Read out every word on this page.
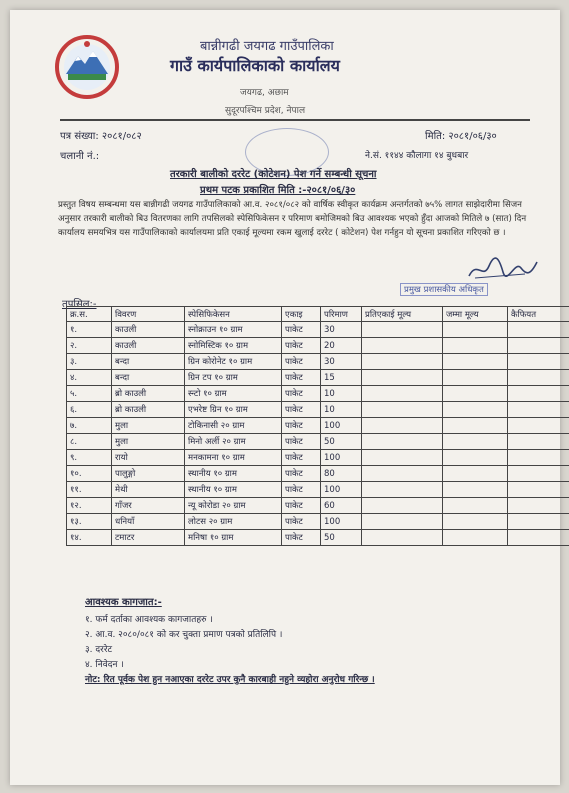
बान्नीगढी जयगढ गाउँपालिका
गाउँ कार्यपालिकाको कार्यालय
जयगढ, अछाम
सुदूरपश्चिम प्रदेश, नेपाल
पत्र संख्या: २०८१/०८२	मिति: २०८१/०६/३०
चलानी नं.:	ने.सं. ११४४ कौलागा १४ बुधबार
तरकारी बालीको दररेट (कोटेशन) पेश गर्ने सम्बन्धी सूचना
प्रथम पटक प्रकाशित मिति :-२०८१/०६/३०
प्रस्तुत विषय सम्बन्धमा यस बान्नीगढी जयगढ गाउँपालिकाको आ.व. २०८१/०८२ को वार्षिक स्वीकृत कार्यक्रम अन्तर्गतको ७५% लागत साझेदारीमा सिजन अनुसार तरकारी बालीको बिउ वितरणका लागि तपसिलको स्पेसिफिकेसन र परिमाण बमोजिमको बिउ आवश्यक भएको हुँदा आजको मितिले ७ (सात) दिन कार्यालय समयभित्र यस गाउँपालिकाको कार्यालयमा प्रति एकाई मूल्यमा रकम खुलाई दररेट ( कोटेशन) पेश गर्नहुन यो सूचना प्रकाशित गरिएको छ ।
प्रमुख प्रशासकीय अधिकृत
तपसिल:-
क्र.स.	विवरण	स्पेसिफिकेसन	एकाइ	परिमाण	प्रतिएकाई मूल्य	जम्मा मूल्य	कैफियत
१.	काउली	स्नोक्राउन १० ग्राम	पाकेट	30			
२.	काउली	स्नोमिस्टिक १० ग्राम	पाकेट	20			
३.	बन्दा	ग्रिन कोरोनेट १० ग्राम	पाकेट	30			
४.	बन्दा	ग्रिन टप १० ग्राम	पाकेट	15			
५.	ब्रो काउली	स्न्टो १० ग्राम	पाकेट	10			
६.	ब्रो काउली	एभरेष्ट ग्रिन १० ग्राम	पाकेट	10			
७.	मुला	टोकिनासी २० ग्राम	पाकेट	100			
८.	मुला	मिनो अर्ली २० ग्राम	पाकेट	50			
९.	रायो	मनकामना १० ग्राम	पाकेट	100			
१०.	पालुङ्गो	स्थानीय १० ग्राम	पाकेट	80			
११.	मेथी	स्थानीय १० ग्राम	पाकेट	100			
१२.	गाँजर	न्यू कोरोडा २० ग्राम	पाकेट	60			
१३.	धनियाँ	लोटस २० ग्राम	पाकेट	100			
१४.	टमाटर	मनिषा १० ग्राम	पाकेट	50			
आवश्यक कागजात:-
१. फर्म दर्ताका आवश्यक कागजातहरु ।
२. आ.व. २०८०/०८१ को कर चुक्ता प्रमाण पत्रको प्रतिलिपि ।
३. दररेट
४. निवेदन ।
नोट: रित पूर्वक पेश हुन नआएका दररेट उपर कुनै कारबाही नहुने व्यहोरा अनुरोध गरिन्छ ।
